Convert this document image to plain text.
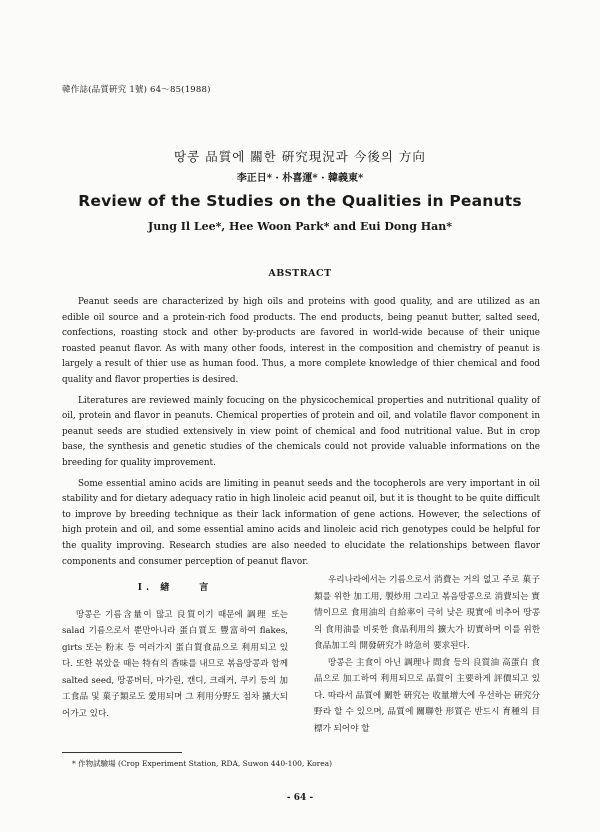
韓作誌(品質硏究 1號) 64～85(1988)
땅콩 品質에 關한 硏究現況과 今後의 方向
李正日* · 朴喜運* · 韓義東*
Review of the Studies on the Qualities in Peanuts
Jung Il Lee*, Hee Woon Park* and Eui Dong Han*
ABSTRACT

Peanut seeds are characterized by high oils and proteins with good quality, and are utilized as an edible oil source and a protein-rich food products. The end products, being peanut butter, salted seed, confections, roasting stock and other by-products are favored in world-wide because of their unique roasted peanut flavor. As with many other foods, interest in the composition and chemistry of peanut is largely a result of thier use as human food. Thus, a more complete knowledge of thier chemical and food quality and flavor properties is desired.

Literatures are reviewed mainly focucing on the physicochemical properties and nutritional quality of oil, protein and flavor in peanuts. Chemical properties of protein and oil, and volatile flavor component in peanut seeds are studied extensively in view point of chemical and food nutritional value. But in crop base, the synthesis and genetic studies of the chemicals could not provide valuable informations on the breeding for quality improvement.

Some essential amino acids are limiting in peanut seeds and the tocopherols are very important in oil stability and for dietary adequacy ratio in high linoleic acid peanut oil, but it is thought to be quite difficult to improve by breeding technique as their lack information of gene actions. However, the selections of high protein and oil, and some essential amino acids and linoleic acid rich genotypes could be helpful for the quality improving. Research studies are also needed to elucidate the relationships between flavor components and consumer perception of peanut flavor.

I. 緖　　言

땅콩은 기름含量이 많고 良質이기 때문에 調理 또는 salad 기름으로서 뿐만아니라 蛋白質도 豐富하여 flakes, girts 또는 粉末 등 여러가지 蛋白質食品으로 利用되고 있다. 또한 볶았을 때는 特有의 香味를 내므로 볶음땅콩과 함께 salted seed, 땅콩버터, 마가린, 캔디, 크래커, 쿠키 등의 加工食品 및 菓子類로도 愛用되며 그 利用分野도 점차 擴大되어가고 있다.

우리나라에서는 기름으로서 消費는 거의 없고 주로 菓子類를 위한 加工用, 製炒用 그리고 볶음땅콩으로 消費되는 實情이므로 食用油의 自給率이 극히 낮은 現實에 비추어 땅콩의 食用油를 비롯한 食品利用의 擴大가 切實하며 이를 위한 食品加工의 開發硏究가 時急히 要求된다.

땅콩은 主食이 아닌 調理나 間食 등의 良質油 高蛋白 食品으로 加工하여 利用되므로 品質이 主要하게 評價되고 있다. 따라서 品質에 關한 硏究는 收量增大에 우선하는 硏究分野라 할 수 있으며, 品質에 關聯한 形質은 반드시 育種의 目標가 되어야 할

* 作物試驗場 (Crop Experiment Station, RDA, Suwon 440-100, Korea)
- 64 -
